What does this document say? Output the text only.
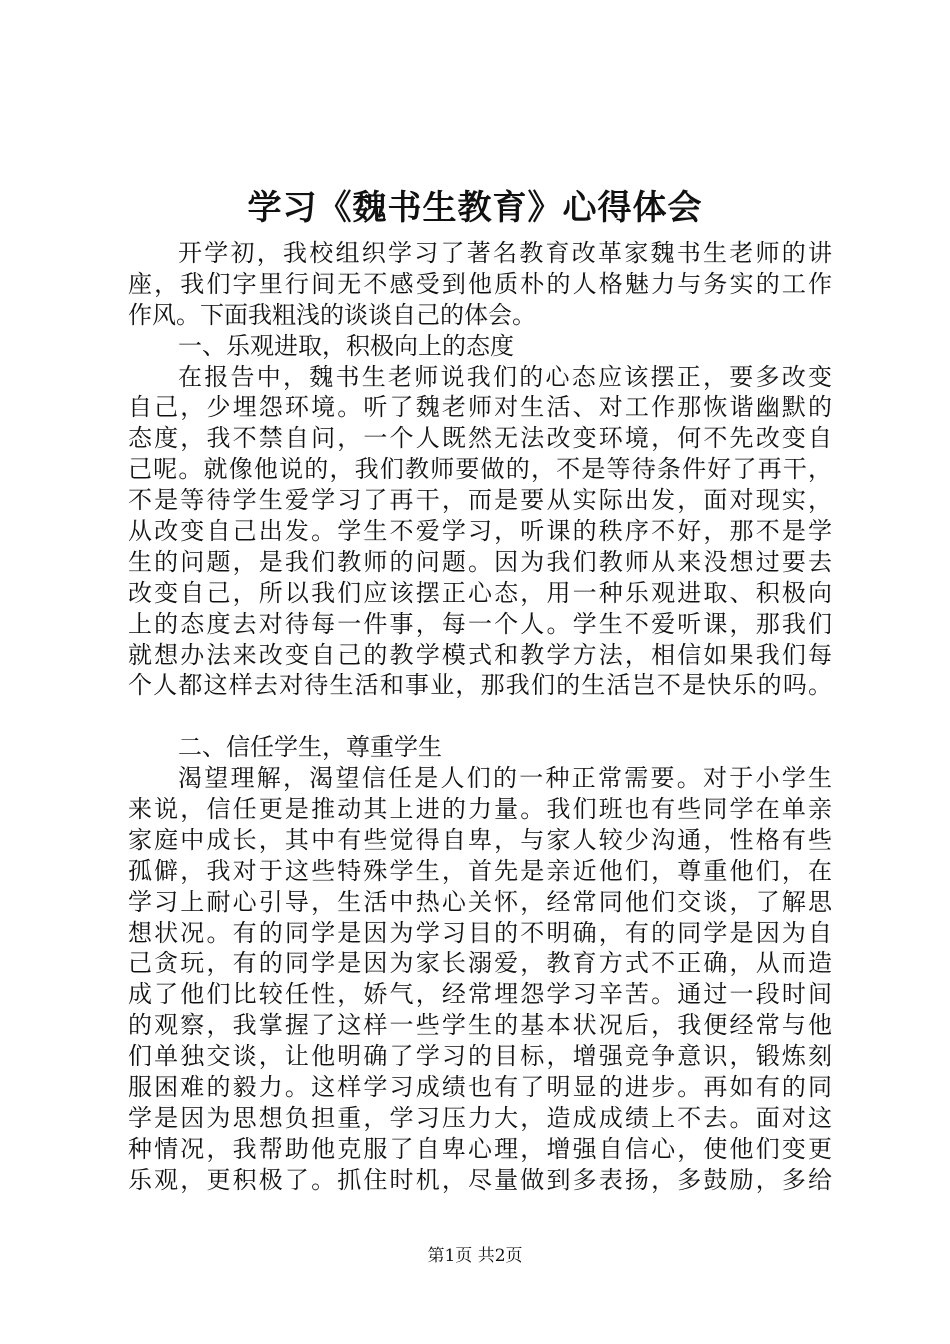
学习《魏书生教育》心得体会
开学初，我校组织学习了著名教育改革家魏书生老师的讲
座，我们字里行间无不感受到他质朴的人格魅力与务实的工作
作风。下面我粗浅的谈谈自己的体会。
一、乐观进取，积极向上的态度
在报告中，魏书生老师说我们的心态应该摆正，要多改变
自己，少埋怨环境。听了魏老师对生活、对工作那恢谐幽默的
态度，我不禁自问，一个人既然无法改变环境，何不先改变自
己呢。就像他说的，我们教师要做的，不是等待条件好了再干，
不是等待学生爱学习了再干，而是要从实际出发，面对现实，
从改变自己出发。学生不爱学习，听课的秩序不好，那不是学
生的问题，是我们教师的问题。因为我们教师从来没想过要去
改变自己，所以我们应该摆正心态，用一种乐观进取、积极向
上的态度去对待每一件事，每一个人。学生不爱听课，那我们
就想办法来改变自己的教学模式和教学方法，相信如果我们每
个人都这样去对待生活和事业，那我们的生活岂不是快乐的吗。
二、信任学生，尊重学生
渴望理解，渴望信任是人们的一种正常需要。对于小学生
来说，信任更是推动其上进的力量。我们班也有些同学在单亲
家庭中成长，其中有些觉得自卑，与家人较少沟通，性格有些
孤僻，我对于这些特殊学生，首先是亲近他们，尊重他们，在
学习上耐心引导，生活中热心关怀，经常同他们交谈，了解思
想状况。有的同学是因为学习目的不明确，有的同学是因为自
己贪玩，有的同学是因为家长溺爱，教育方式不正确，从而造
成了他们比较任性，娇气，经常埋怨学习辛苦。通过一段时间
的观察，我掌握了这样一些学生的基本状况后，我便经常与他
们单独交谈，让他明确了学习的目标，增强竞争意识，锻炼刻
服困难的毅力。这样学习成绩也有了明显的进步。再如有的同
学是因为思想负担重，学习压力大，造成成绩上不去。面对这
种情况，我帮助他克服了自卑心理，增强自信心，使他们变更
乐观，更积极了。抓住时机，尽量做到多表扬，多鼓励，多给
第1页 共2页
